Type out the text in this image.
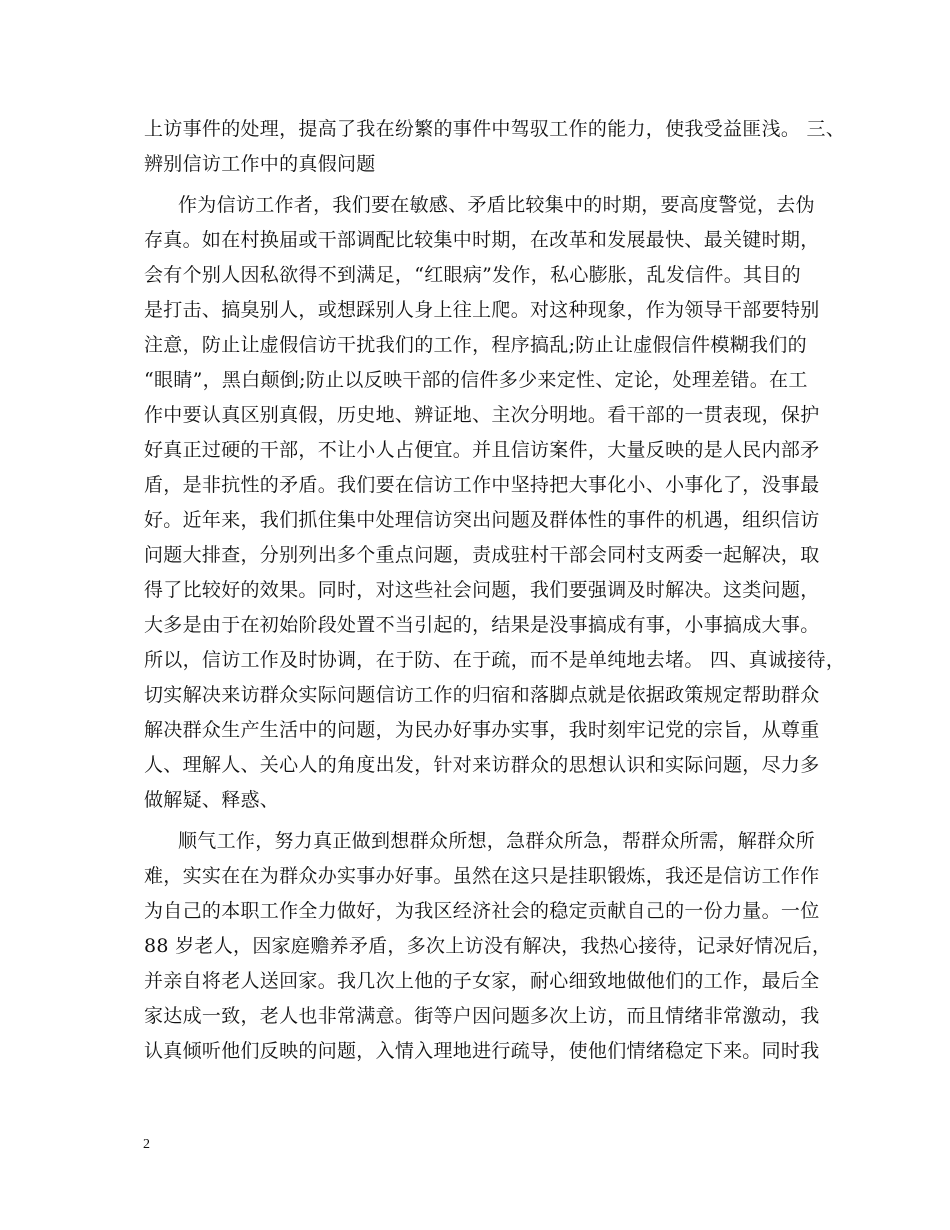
上访事件的处理，提高了我在纷繁的事件中驾驭工作的能力，使我受益匪浅。 三、
辨别信访工作中的真假问题
作为信访工作者，我们要在敏感、矛盾比较集中的时期，要高度警觉，去伪
存真。如在村换届或干部调配比较集中时期，在改革和发展最快、最关键时期，
会有个别人因私欲得不到满足，“红眼病”发作，私心膨胀，乱发信件。其目的
是打击、搞臭别人，或想踩别人身上往上爬。对这种现象，作为领导干部要特别
注意，防止让虚假信访干扰我们的工作，程序搞乱;防止让虚假信件模糊我们的
“眼睛”，黑白颠倒;防止以反映干部的信件多少来定性、定论，处理差错。在工
作中要认真区别真假，历史地、辨证地、主次分明地。看干部的一贯表现，保护
好真正过硬的干部，不让小人占便宜。并且信访案件，大量反映的是人民内部矛
盾，是非抗性的矛盾。我们要在信访工作中坚持把大事化小、小事化了，没事最
好。近年来，我们抓住集中处理信访突出问题及群体性的事件的机遇，组织信访
问题大排查，分别列出多个重点问题，责成驻村干部会同村支两委一起解决，取
得了比较好的效果。同时，对这些社会问题，我们要强调及时解决。这类问题，
大多是由于在初始阶段处置不当引起的，结果是没事搞成有事，小事搞成大事。
所以，信访工作及时协调，在于防、在于疏，而不是单纯地去堵。 四、真诚接待，
切实解决来访群众实际问题信访工作的归宿和落脚点就是依据政策规定帮助群众
解决群众生产生活中的问题，为民办好事办实事，我时刻牢记党的宗旨，从尊重
人、理解人、关心人的角度出发，针对来访群众的思想认识和实际问题，尽力多
做解疑、释惑、
顺气工作，努力真正做到想群众所想，急群众所急，帮群众所需，解群众所
难，实实在在为群众办实事办好事。虽然在这只是挂职锻炼，我还是信访工作作
为自己的本职工作全力做好，为我区经济社会的稳定贡献自己的一份力量。一位
88 岁老人，因家庭赡养矛盾，多次上访没有解决，我热心接待，记录好情况后，
并亲自将老人送回家。我几次上他的子女家，耐心细致地做他们的工作，最后全
家达成一致，老人也非常满意。街等户因问题多次上访，而且情绪非常激动，我
认真倾听他们反映的问题，入情入理地进行疏导，使他们情绪稳定下来。同时我
2
